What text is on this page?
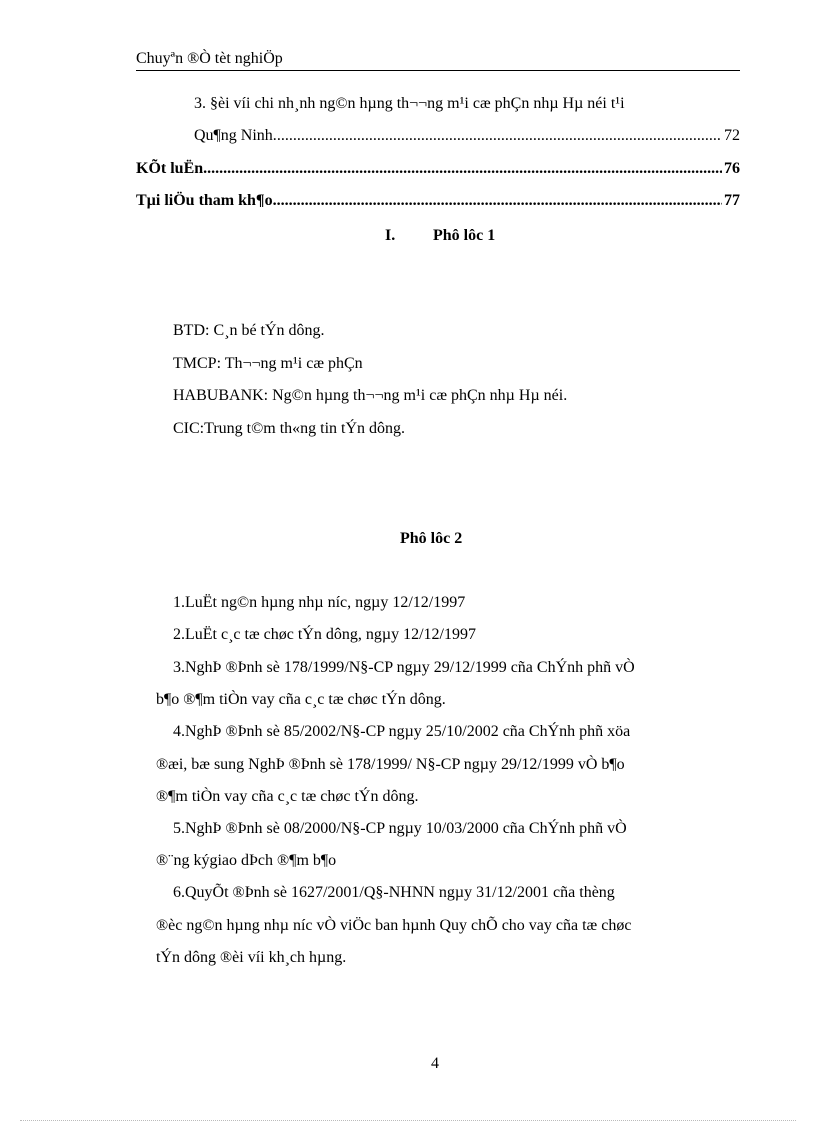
Chuyªn ®Ò tèt nghiÖp
3. §èi víi chi nh¸nh ng©n hµng th¬¬ng m¹i cæ phÇn nhµ Hµ néi t¹i
Qu¶ng Ninh. .....	72
KÕt luËn .....	76
Tµi liÖu tham kh¶o .....	77
I. Phô lôc 1
BTD: C¸n bé tÝn dông.
TMCP: Th¬¬ng m¹i cæ phÇn
HABUBANK: Ng©n hµng th¬¬ng m¹i cæ phÇn nhµ Hµ néi.
CIC:Trung t©m th«ng tin tÝn dông.
Phô lôc 2
1.LuËt ng©n hµng nhµ níc, ngµy 12/12/1997
2.LuËt c¸c tæ chøc tÝn dông, ngµy 12/12/1997
3.NghÞ ®Þnh sè 178/1999/N§-CP ngµy 29/12/1999 cña ChÝnh phñ vÒ
b¶o ®¶m tiÒn vay cña c¸c tæ chøc tÝn dông.
4.NghÞ ®Þnh sè 85/2002/N§-CP ngµy 25/10/2002 cña ChÝnh phñ xöa
®æi, bæ sung NghÞ ®Þnh sè 178/1999/ N§-CP ngµy 29/12/1999 vÒ b¶o
®¶m tiÒn vay cña c¸c tæ chøc tÝn dông.
5.NghÞ ®Þnh sè 08/2000/N§-CP ngµy 10/03/2000 cña ChÝnh phñ vÒ
®¨ng kýgiao dÞch ®¶m b¶o
6.QuyÕt ®Þnh sè 1627/2001/Q§-NHNN ngµy 31/12/2001 cña thèng
®èc ng©n hµng nhµ níc vÒ viÖc ban hµnh Quy chÕ cho vay cña tæ chøc
tÝn dông ®èi víi kh¸ch hµng.
4
